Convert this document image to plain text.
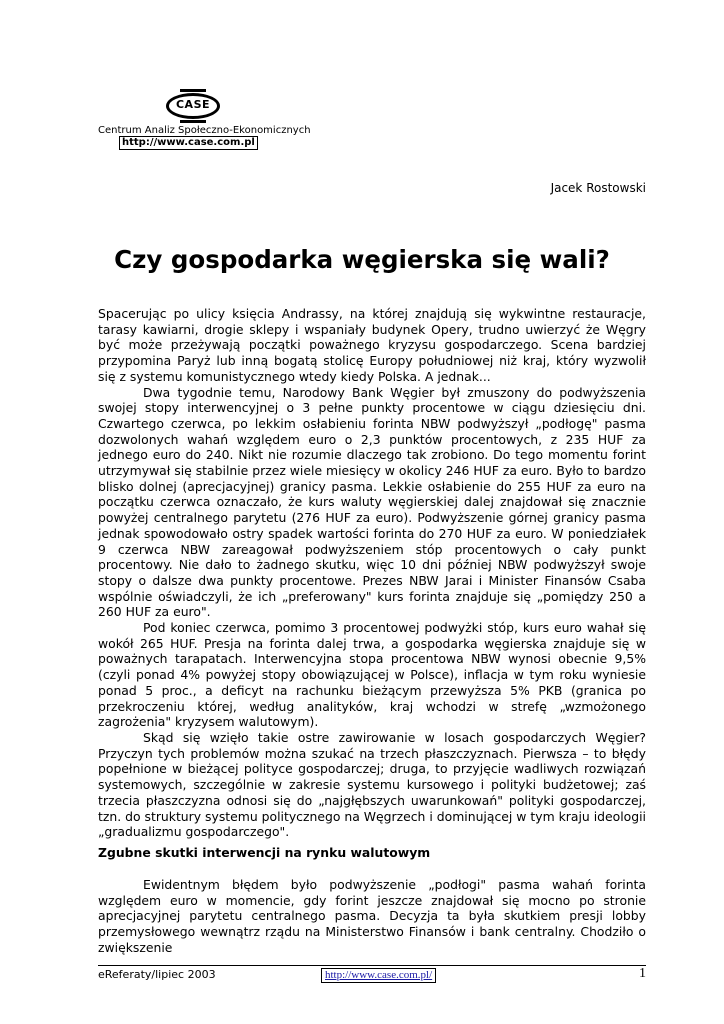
CASE
Centrum Analiz Społeczno-Ekonomicznych
http://www.case.com.pl
Jacek Rostowski
Czy gospodarka węgierska się wali?

Spacerując po ulicy księcia Andrassy, na której znajdują się wykwintne restauracje, tarasy kawiarni, drogie sklepy i wspaniały budynek Opery, trudno uwierzyć że Węgry być może przeżywają początki poważnego kryzysu gospodarczego. Scena bardziej przypomina Paryż lub inną bogatą stolicę Europy południowej niż kraj, który wyzwolił się z systemu komunistycznego wtedy kiedy Polska. A jednak...

Dwa tygodnie temu, Narodowy Bank Węgier był zmuszony do podwyższenia swojej stopy interwencyjnej o 3 pełne punkty procentowe w ciągu dziesięciu dni. Czwartego czerwca, po lekkim osłabieniu forinta NBW podwyższył „podłogę" pasma dozwolonych wahań względem euro o 2,3 punktów procentowych, z 235 HUF za jednego euro do 240. Nikt nie rozumie dlaczego tak zrobiono. Do tego momentu forint utrzymywał się stabilnie przez wiele miesięcy w okolicy 246 HUF za euro. Było to bardzo blisko dolnej (aprecjacyjnej) granicy pasma. Lekkie osłabienie do 255 HUF za euro na początku czerwca oznaczało, że kurs waluty węgierskiej dalej znajdował się znacznie powyżej centralnego parytetu (276 HUF za euro). Podwyższenie górnej granicy pasma jednak spowodowało ostry spadek wartości forinta do 270 HUF za euro. W poniedziałek 9 czerwca NBW zareagował podwyższeniem stóp procentowych o cały punkt procentowy. Nie dało to żadnego skutku, więc 10 dni później NBW podwyższył swoje stopy o dalsze dwa punkty procentowe. Prezes NBW Jarai i Minister Finansów Csaba wspólnie oświadczyli, że ich „preferowany" kurs forinta znajduje się „pomiędzy 250 a 260 HUF za euro".

Pod koniec czerwca, pomimo 3 procentowej podwyżki stóp, kurs euro wahał się wokół 265 HUF. Presja na forinta dalej trwa, a gospodarka węgierska znajduje się w poważnych tarapatach. Interwencyjna stopa procentowa NBW wynosi obecnie 9,5% (czyli ponad 4% powyżej stopy obowiązującej w Polsce), inflacja w tym roku wyniesie ponad 5 proc., a deficyt na rachunku bieżącym przewyższa 5% PKB (granica po przekroczeniu której, według analityków, kraj wchodzi w strefę „wzmożonego zagrożenia" kryzysem walutowym).

Skąd się wzięło takie ostre zawirowanie w losach gospodarczych Węgier? Przyczyn tych problemów można szukać na trzech płaszczyznach. Pierwsza – to błędy popełnione w bieżącej polityce gospodarczej; druga, to przyjęcie wadliwych rozwiązań systemowych, szczególnie w zakresie systemu kursowego i polityki budżetowej; zaś trzecia płaszczyzna odnosi się do „najgłębszych uwarunkowań" polityki gospodarczej, tzn. do struktury systemu politycznego na Węgrzech i dominującej w tym kraju ideologii „gradualizmu gospodarczego".

Zgubne skutki interwencji na rynku walutowym

Ewidentnym błędem było podwyższenie „podłogi" pasma wahań forinta względem euro w momencie, gdy forint jeszcze znajdował się mocno po stronie aprecjacyjnej parytetu centralnego pasma. Decyzja ta była skutkiem presji lobby przemysłowego wewnątrz rządu na Ministerstwo Finansów i bank centralny. Chodziło o zwiększenie

eReferaty/lipiec 2003	http://www.case.com.pl/	1
